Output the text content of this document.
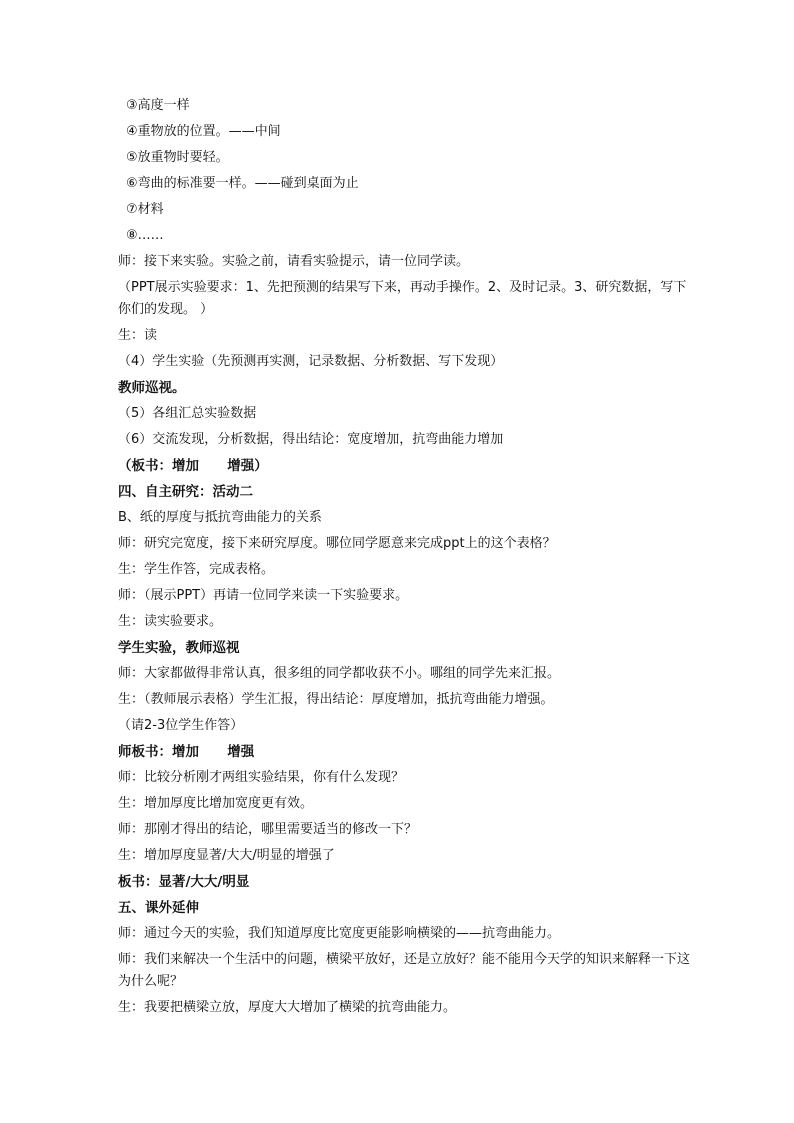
③高度一样
④重物放的位置。——中间
⑤放重物时要轻。
⑥弯曲的标准要一样。——碰到桌面为止
⑦材料
⑧……
师：接下来实验。实验之前，请看实验提示，请一位同学读。
（PPT展示实验要求：1、先把预测的结果写下来，再动手操作。2、及时记录。3、研究数据，写下你们的发现。 ）
生：读
（4）学生实验（先预测再实测，记录数据、分析数据、写下发现）
教师巡视。
（5）各组汇总实验数据
（6）交流发现，分析数据，得出结论：宽度增加，抗弯曲能力增加
（板书：增加      增强）
四、自主研究：活动二
B、纸的厚度与抵抗弯曲能力的关系
师：研究完宽度，接下来研究厚度。哪位同学愿意来完成ppt上的这个表格？
生：学生作答，完成表格。
师：（展示PPT）再请一位同学来读一下实验要求。
生：读实验要求。
学生实验，教师巡视
师：大家都做得非常认真，很多组的同学都收获不小。哪组的同学先来汇报。
生：（教师展示表格）学生汇报，得出结论：厚度增加，抵抗弯曲能力增强。
（请2-3位学生作答）
师板书：增加      增强
师：比较分析刚才两组实验结果，你有什么发现？
生：增加厚度比增加宽度更有效。
师：那刚才得出的结论，哪里需要适当的修改一下？
生：增加厚度显著/大大/明显的增强了
板书：显著/大大/明显
五、课外延伸
师：通过今天的实验，我们知道厚度比宽度更能影响横梁的——抗弯曲能力。
师：我们来解决一个生活中的问题，横梁平放好，还是立放好？能不能用今天学的知识来解释一下这为什么呢？
生：我要把横梁立放，厚度大大增加了横梁的抗弯曲能力。
